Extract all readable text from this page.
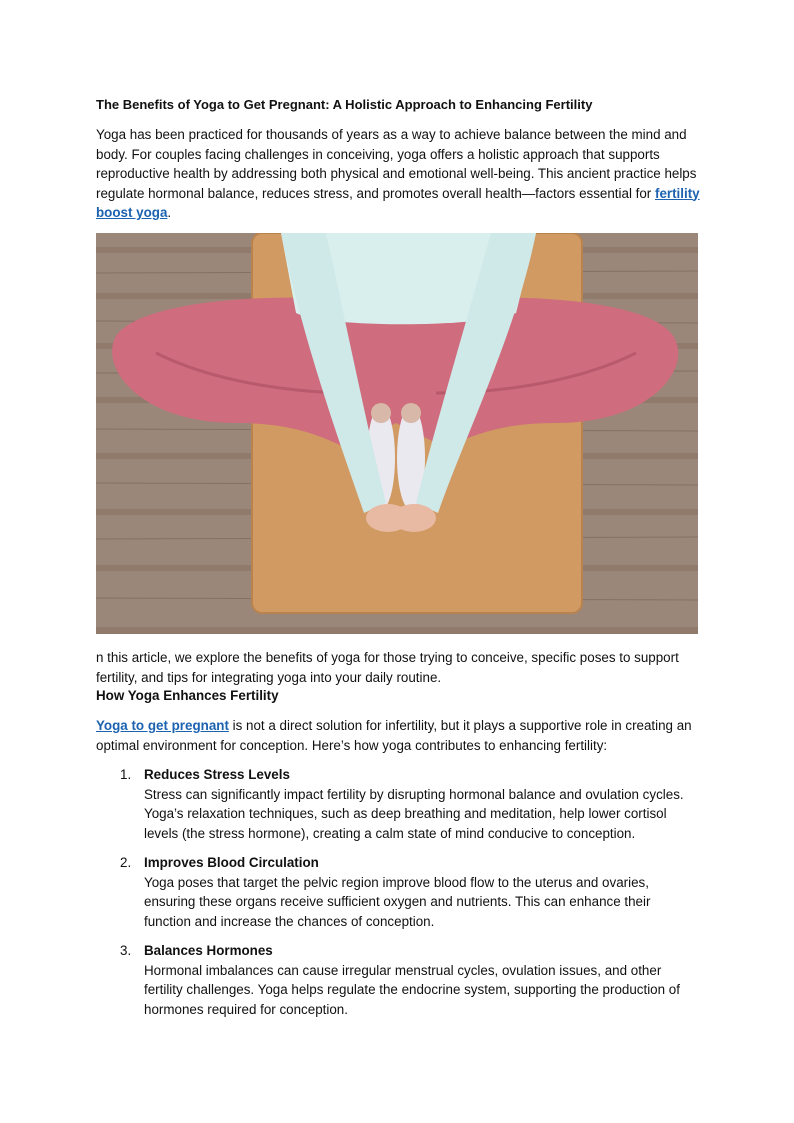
The Benefits of Yoga to Get Pregnant: A Holistic Approach to Enhancing Fertility

Yoga has been practiced for thousands of years as a way to achieve balance between the mind and body. For couples facing challenges in conceiving, yoga offers a holistic approach that supports reproductive health by addressing both physical and emotional well-being. This ancient practice helps regulate hormonal balance, reduces stress, and promotes overall health—factors essential for fertility boost yoga.

n this article, we explore the benefits of yoga for those trying to conceive, specific poses to support fertility, and tips for integrating yoga into your daily routine.

How Yoga Enhances Fertility

Yoga to get pregnant is not a direct solution for infertility, but it plays a supportive role in creating an optimal environment for conception. Here’s how yoga contributes to enhancing fertility:

1. Reduces Stress Levels
Stress can significantly impact fertility by disrupting hormonal balance and ovulation cycles. Yoga’s relaxation techniques, such as deep breathing and meditation, help lower cortisol levels (the stress hormone), creating a calm state of mind conducive to conception.
2. Improves Blood Circulation
Yoga poses that target the pelvic region improve blood flow to the uterus and ovaries, ensuring these organs receive sufficient oxygen and nutrients. This can enhance their function and increase the chances of conception.
3. Balances Hormones
Hormonal imbalances can cause irregular menstrual cycles, ovulation issues, and other fertility challenges. Yoga helps regulate the endocrine system, supporting the production of hormones required for conception.
